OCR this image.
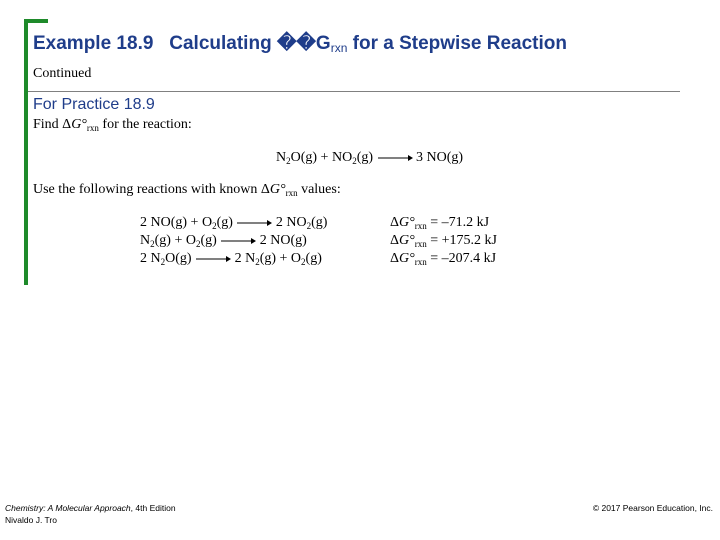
Example 18.9 Calculating $��G_{rxn}$ for a Stepwise Reaction
Continued
For Practice 18.9
Find $\Delta G^\circ_{rxn}$ for the reaction:
$N_2O(g) + NO_2(g) \to 3$ NO(g)
Use the following reactions with known $\Delta G^\circ_{rxn}$ values:
2 $NO(g) + O_2(g) \to 2$ $NO_2(g)$
$N_2(g) + O_2(g) \to 2$ NO(g)
2 $N_2O(g) \to 2$ $N_2(g) + O_2(g)$
$\Delta G^\circ_{rxn} = -71.2$ kJ
$\Delta G^\circ_{rxn} = +175.2$ kJ
$\Delta G^\circ_{rxn} = -207.4$ kJ
Chemistry: A Molecular Approach, 4th Edition
Nivaldo J. Tro
© 2017 Pearson Education, Inc.
